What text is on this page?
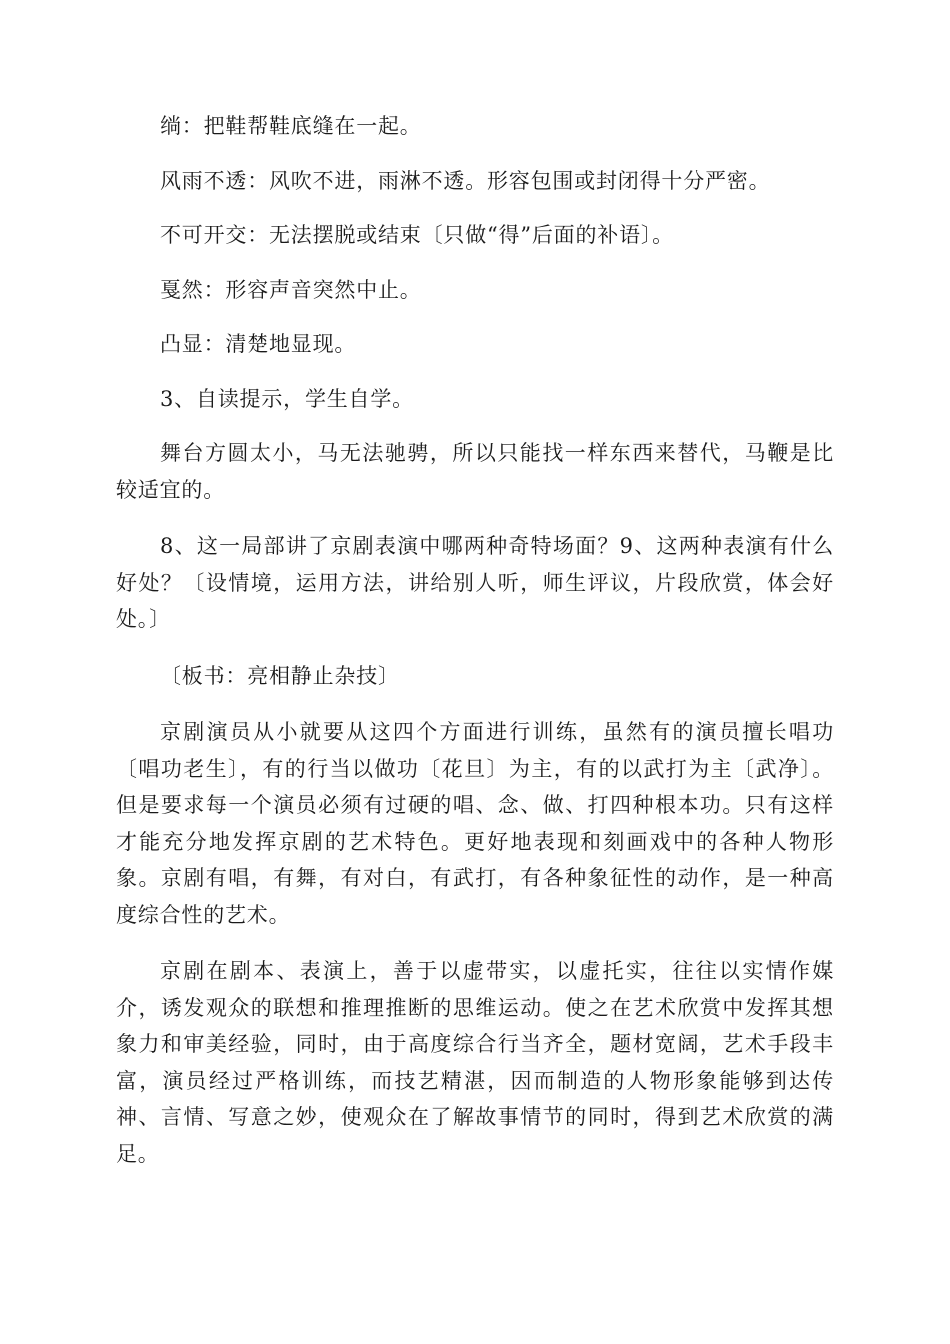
绱：把鞋帮鞋底缝在一起。

风雨不透：风吹不进，雨淋不透。形容包围或封闭得十分严密。

不可开交：无法摆脱或结束〔只做“得”后面的补语〕。

戛然：形容声音突然中止。

凸显：清楚地显现。

3、自读提示，学生自学。

舞台方圆太小，马无法驰骋，所以只能找一样东西来替代，马鞭是比较适宜的。

8、这一局部讲了京剧表演中哪两种奇特场面？9、这两种表演有什么好处？〔设情境，运用方法，讲给别人听，师生评议，片段欣赏，体会好处。〕

〔板书：亮相静止杂技〕

京剧演员从小就要从这四个方面进行训练，虽然有的演员擅长唱功〔唱功老生〕，有的行当以做功〔花旦〕为主，有的以武打为主〔武净〕。但是要求每一个演员必须有过硬的唱、念、做、打四种根本功。只有这样才能充分地发挥京剧的艺术特色。更好地表现和刻画戏中的各种人物形象。京剧有唱，有舞，有对白，有武打，有各种象征性的动作，是一种高度综合性的艺术。

京剧在剧本、表演上，善于以虚带实，以虚托实，往往以实情作媒介，诱发观众的联想和推理推断的思维运动。使之在艺术欣赏中发挥其想象力和审美经验，同时，由于高度综合行当齐全，题材宽阔，艺术手段丰富，演员经过严格训练，而技艺精湛，因而制造的人物形象能够到达传神、言情、写意之妙，使观众在了解故事情节的同时，得到艺术欣赏的满足。
